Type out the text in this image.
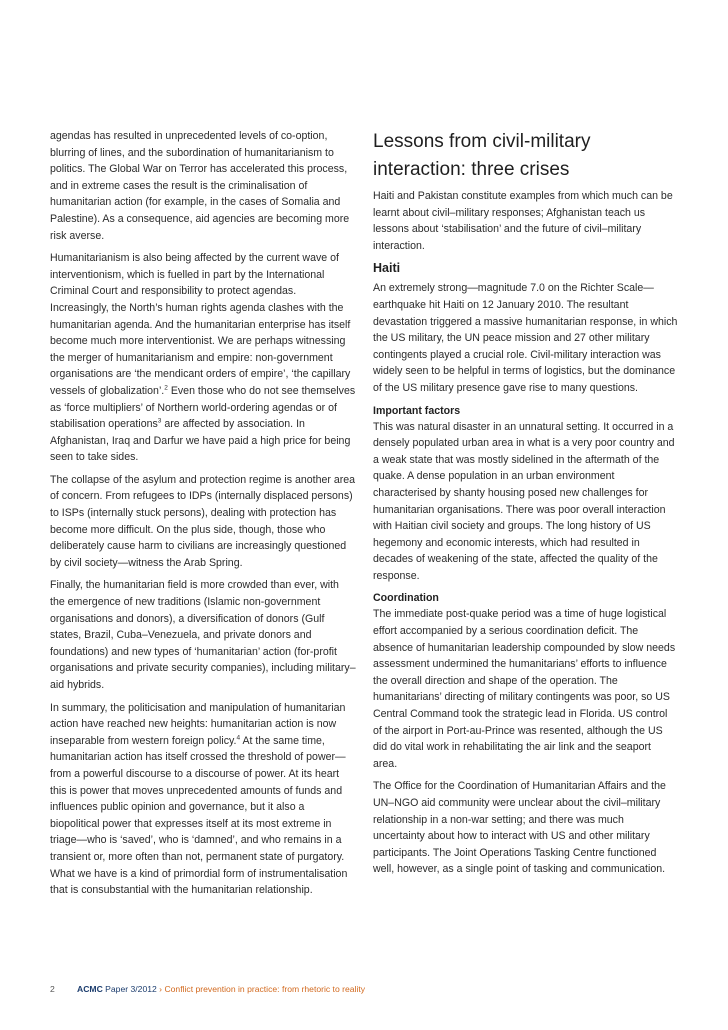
agendas has resulted in unprecedented levels of co-option, blurring of lines, and the subordination of humanitarianism to politics. The Global War on Terror has accelerated this process, and in extreme cases the result is the criminalisation of humanitarian action (for example, in the cases of Somalia and Palestine). As a consequence, aid agencies are becoming more risk averse.

Humanitarianism is also being affected by the current wave of interventionism, which is fuelled in part by the International Criminal Court and responsibility to protect agendas. Increasingly, the North’s human rights agenda clashes with the humanitarian agenda. And the humanitarian enterprise has itself become much more interventionist. We are perhaps witnessing the merger of humanitarianism and empire: non-government organisations are ‘the mendicant orders of empire’, ‘the capillary vessels of globalization’.$^2$ Even those who do not see themselves as ‘force multipliers’ of Northern world-ordering agendas or of stabilisation operations$^3$ are affected by association. In Afghanistan, Iraq and Darfur we have paid a high price for being seen to take sides.

The collapse of the asylum and protection regime is another area of concern. From refugees to IDPs (internally displaced persons) to ISPs (internally stuck persons), dealing with protection has become more difficult. On the plus side, though, those who deliberately cause harm to civilians are increasingly questioned by civil society—witness the Arab Spring.

Finally, the humanitarian field is more crowded than ever, with the emergence of new traditions (Islamic non-government organisations and donors), a diversification of donors (Gulf states, Brazil, Cuba–Venezuela, and private donors and foundations) and new types of ‘humanitarian’ action (for-profit organisations and private security companies), including military–aid hybrids.

In summary, the politicisation and manipulation of humanitarian action have reached new heights: humanitarian action is now inseparable from western foreign policy.$^4$ At the same time, humanitarian action has itself crossed the threshold of power—from a powerful discourse to a discourse of power. At its heart this is power that moves unprecedented amounts of funds and influences public opinion and governance, but it also a biopolitical power that expresses itself at its most extreme in triage—who is ‘saved’, who is ‘damned’, and who remains in a transient or, more often than not, permanent state of purgatory. What we have is a kind of primordial form of instrumentalisation that is consubstantial with the humanitarian relationship.

Lessons from civil-military interaction: three crises

Haiti and Pakistan constitute examples from which much can be learnt about civil–military responses; Afghanistan teach us lessons about ‘stabilisation’ and the future of civil–military interaction.

Haiti

An extremely strong—magnitude 7.0 on the Richter Scale—earthquake hit Haiti on 12 January 2010. The resultant devastation triggered a massive humanitarian response, in which the US military, the UN peace mission and 27 other military contingents played a crucial role. Civil-military interaction was widely seen to be helpful in terms of logistics, but the dominance of the US military presence gave rise to many questions.

Important factors

This was natural disaster in an unnatural setting. It occurred in a densely populated urban area in what is a very poor country and a weak state that was mostly sidelined in the aftermath of the quake. A dense population in an urban environment characterised by shanty housing posed new challenges for humanitarian organisations. There was poor overall interaction with Haitian civil society and groups. The long history of US hegemony and economic interests, which had resulted in decades of weakening of the state, affected the quality of the response.

Coordination

The immediate post-quake period was a time of huge logistical effort accompanied by a serious coordination deficit. The absence of humanitarian leadership compounded by slow needs assessment undermined the humanitarians’ efforts to influence the overall direction and shape of the operation. The humanitarians’ directing of military contingents was poor, so US Central Command took the strategic lead in Florida. US control of the airport in Port-au-Prince was resented, although the US did do vital work in rehabilitating the air link and the seaport area.

The Office for the Coordination of Humanitarian Affairs and the UN–NGO aid community were unclear about the civil–military relationship in a non-war setting; and there was much uncertainty about how to interact with US and other military participants. The Joint Operations Tasking Centre functioned well, however, as a single point of tasking and communication.

2	ACMC Paper 3/2012 › Conflict prevention in practice: from rhetoric to reality
